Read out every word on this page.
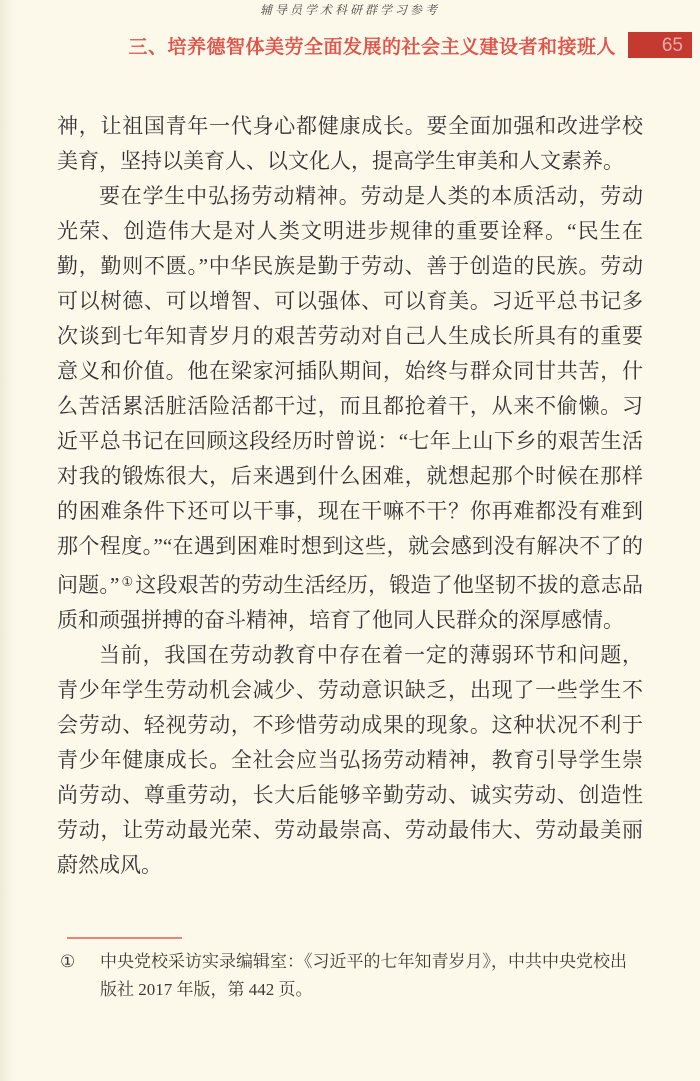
辅导员学术科研群学习参考
三、培养德智体美劳全面发展的社会主义建设者和接班人 65

神，让祖国青年一代身心都健康成长。要全面加强和改进学校美育，坚持以美育人、以文化人，提高学生审美和人文素养。

要在学生中弘扬劳动精神。劳动是人类的本质活动，劳动光荣、创造伟大是对人类文明进步规律的重要诠释。“民生在勤，勤则不匮。”中华民族是勤于劳动、善于创造的民族。劳动可以树德、可以增智、可以强体、可以育美。习近平总书记多次谈到七年知青岁月的艰苦劳动对自己人生成长所具有的重要意义和价值。他在梁家河插队期间，始终与群众同甘共苦，什么苦活累活脏活险活都干过，而且都抢着干，从来不偷懒。习近平总书记在回顾这段经历时曾说：“七年上山下乡的艰苦生活对我的锻炼很大，后来遇到什么困难，就想起那个时候在那样的困难条件下还可以干事，现在干嘛不干？你再难都没有难到那个程度。”“在遇到困难时想到这些，就会感到没有解决不了的问题。” ①这段艰苦的劳动生活经历，锻造了他坚韧不拔的意志品质和顽强拼搏的奋斗精神，培育了他同人民群众的深厚感情。

当前，我国在劳动教育中存在着一定的薄弱环节和问题，青少年学生劳动机会减少、劳动意识缺乏，出现了一些学生不会劳动、轻视劳动，不珍惜劳动成果的现象。这种状况不利于青少年健康成长。全社会应当弘扬劳动精神，教育引导学生崇尚劳动、尊重劳动，长大后能够辛勤劳动、诚实劳动、创造性劳动，让劳动最光荣、劳动最崇高、劳动最伟大、劳动最美丽蔚然成风。

①	中央党校采访实录编辑室：《习近平的七年知青岁月》，中共中央党校出版社 2017 年版，第 442 页。
